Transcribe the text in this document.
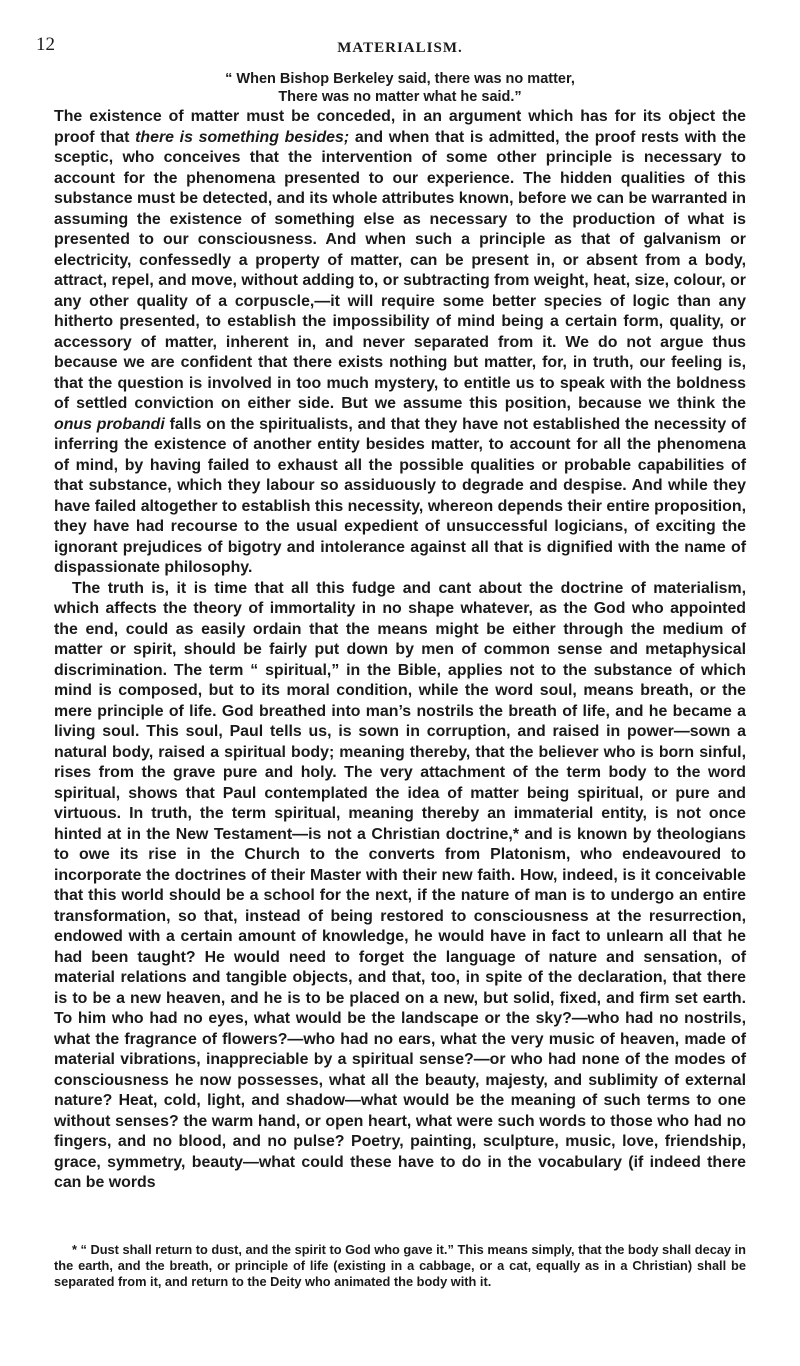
12	MATERIALISM.
“ When Bishop Berkeley said, there was no matter,
There was no matter what he said.”

The existence of matter must be conceded, in an argument which has for its object the proof that there is something besides; and when that is admitted, the proof rests with the sceptic, who conceives that the intervention of some other principle is necessary to account for the phenomena presented to our experience. The hidden qualities of this substance must be detected, and its whole attributes known, before we can be warranted in assuming the existence of something else as necessary to the production of what is presented to our consciousness. And when such a principle as that of galvanism or electricity, confessedly a property of matter, can be present in, or absent from a body, attract, repel, and move, without adding to, or subtracting from weight, heat, size, colour, or any other quality of a corpuscle,—it will require some better species of logic than any hitherto presented, to establish the impossibility of mind being a certain form, quality, or accessory of matter, inherent in, and never separated from it. We do not argue thus because we are confident that there exists nothing but matter, for, in truth, our feeling is, that the question is involved in too much mystery, to entitle us to speak with the boldness of settled conviction on either side. But we assume this position, because we think the onus probandi falls on the spiritualists, and that they have not established the necessity of inferring the existence of another entity besides matter, to account for all the phenomena of mind, by having failed to exhaust all the possible qualities or probable capabilities of that substance, which they labour so assiduously to degrade and despise. And while they have failed altogether to establish this necessity, whereon depends their entire proposition, they have had recourse to the usual expedient of unsuccessful logicians, of exciting the ignorant prejudices of bigotry and intolerance against all that is dignified with the name of dispassionate philosophy.

The truth is, it is time that all this fudge and cant about the doctrine of materialism, which affects the theory of immortality in no shape whatever, as the God who appointed the end, could as easily ordain that the means might be either through the medium of matter or spirit, should be fairly put down by men of common sense and metaphysical discrimination. The term “ spiritual,” in the Bible, applies not to the substance of which mind is composed, but to its moral condition, while the word soul, means breath, or the mere principle of life. God breathed into man’s nostrils the breath of life, and he became a living soul. This soul, Paul tells us, is sown in corruption, and raised in power—sown a natural body, raised a spiritual body; meaning thereby, that the believer who is born sinful, rises from the grave pure and holy. The very attachment of the term body to the word spiritual, shows that Paul contemplated the idea of matter being spiritual, or pure and virtuous. In truth, the term spiritual, meaning thereby an immaterial entity, is not once hinted at in the New Testament—is not a Christian doctrine,* and is known by theologians to owe its rise in the Church to the converts from Platonism, who endeavoured to incorporate the doctrines of their Master with their new faith. How, indeed, is it conceivable that this world should be a school for the next, if the nature of man is to undergo an entire transformation, so that, instead of being restored to consciousness at the resurrection, endowed with a certain amount of knowledge, he would have in fact to unlearn all that he had been taught? He would need to forget the language of nature and sensation, of material relations and tangible objects, and that, too, in spite of the declaration, that there is to be a new heaven, and he is to be placed on a new, but solid, fixed, and firm set earth. To him who had no eyes, what would be the landscape or the sky?—who had no nostrils, what the fragrance of flowers?—who had no ears, what the very music of heaven, made of material vibrations, inappreciable by a spiritual sense?—or who had none of the modes of consciousness he now possesses, what all the beauty, majesty, and sublimity of external nature? Heat, cold, light, and shadow—what would be the meaning of such terms to one without senses? the warm hand, or open heart, what were such words to those who had no fingers, and no blood, and no pulse? Poetry, painting, sculpture, music, love, friendship, grace, symmetry, beauty—what could these have to do in the vocabulary (if indeed there can be words

* “ Dust shall return to dust, and the spirit to God who gave it.” This means simply, that the body shall decay in the earth, and the breath, or principle of life (existing in a cabbage, or a cat, equally as in a Christian) shall be separated from it, and return to the Deity who animated the body with it.
